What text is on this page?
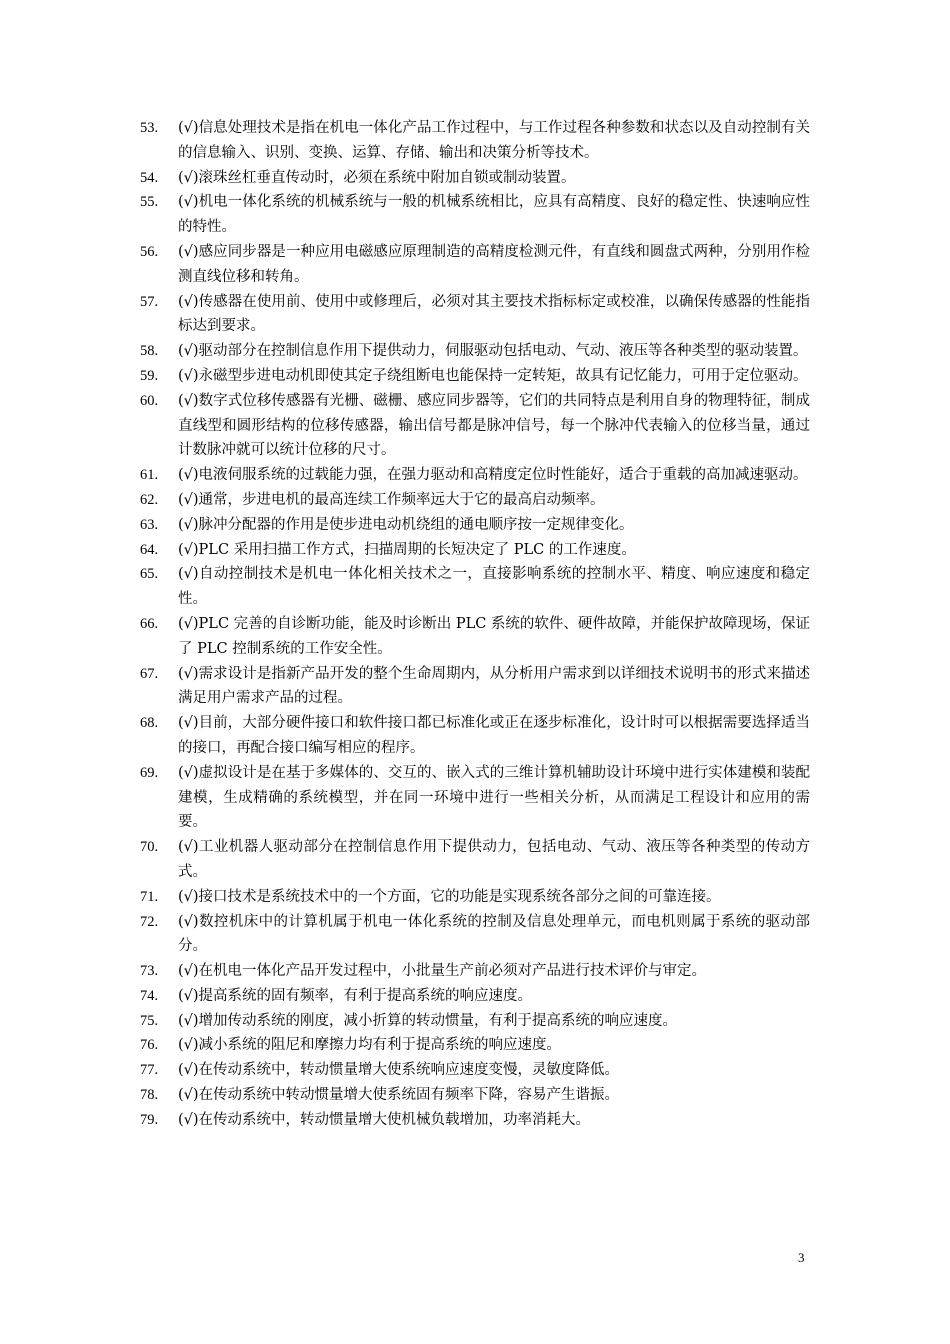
53.	(√)信息处理技术是指在机电一体化产品工作过程中，与工作过程各种参数和状态以及自动控制有关的信息输入、识别、变换、运算、存储、输出和决策分析等技术。
54.	(√)滚珠丝杠垂直传动时，必须在系统中附加自锁或制动装置。
55.	(√)机电一体化系统的机械系统与一般的机械系统相比，应具有高精度、良好的稳定性、快速响应性的特性。
56.	(√)感应同步器是一种应用电磁感应原理制造的高精度检测元件，有直线和圆盘式两种，分别用作检测直线位移和转角。
57.	(√)传感器在使用前、使用中或修理后，必须对其主要技术指标标定或校准，以确保传感器的性能指标达到要求。
58.	(√)驱动部分在控制信息作用下提供动力，伺服驱动包括电动、气动、液压等各种类型的驱动装置。
59.	(√)永磁型步进电动机即使其定子绕组断电也能保持一定转矩，故具有记忆能力，可用于定位驱动。
60.	(√)数字式位移传感器有光栅、磁栅、感应同步器等，它们的共同特点是利用自身的物理特征，制成直线型和圆形结构的位移传感器，输出信号都是脉冲信号，每一个脉冲代表输入的位移当量，通过计数脉冲就可以统计位移的尺寸。
61.	(√)电液伺服系统的过载能力强，在强力驱动和高精度定位时性能好，适合于重载的高加减速驱动。
62.	(√)通常，步进电机的最高连续工作频率远大于它的最高启动频率。
63.	(√)脉冲分配器的作用是使步进电动机绕组的通电顺序按一定规律变化。
64.	(√)PLC 采用扫描工作方式，扫描周期的长短决定了 PLC 的工作速度。
65.	(√)自动控制技术是机电一体化相关技术之一，直接影响系统的控制水平、精度、响应速度和稳定性。
66.	(√)PLC 完善的自诊断功能，能及时诊断出 PLC 系统的软件、硬件故障，并能保护故障现场，保证了 PLC 控制系统的工作安全性。
67.	(√)需求设计是指新产品开发的整个生命周期内，从分析用户需求到以详细技术说明书的形式来描述满足用户需求产品的过程。
68.	(√)目前，大部分硬件接口和软件接口都已标准化或正在逐步标准化，设计时可以根据需要选择适当的接口，再配合接口编写相应的程序。
69.	(√)虚拟设计是在基于多媒体的、交互的、嵌入式的三维计算机辅助设计环境中进行实体建模和装配建模，生成精确的系统模型，并在同一环境中进行一些相关分析，从而满足工程设计和应用的需要。
70.	(√)工业机器人驱动部分在控制信息作用下提供动力，包括电动、气动、液压等各种类型的传动方式。
71.	(√)接口技术是系统技术中的一个方面，它的功能是实现系统各部分之间的可靠连接。
72.	(√)数控机床中的计算机属于机电一体化系统的控制及信息处理单元，而电机则属于系统的驱动部分。
73.	(√)在机电一体化产品开发过程中，小批量生产前必须对产品进行技术评价与审定。
74.	(√)提高系统的固有频率，有利于提高系统的响应速度。
75.	(√)增加传动系统的刚度，减小折算的转动惯量，有利于提高系统的响应速度。
76.	(√)减小系统的阻尼和摩擦力均有利于提高系统的响应速度。
77.	(√)在传动系统中，转动惯量增大使系统响应速度变慢，灵敏度降低。
78.	(√)在传动系统中转动惯量增大使系统固有频率下降，容易产生谐振。
79.	(√)在传动系统中，转动惯量增大使机械负载增加，功率消耗大。
3
